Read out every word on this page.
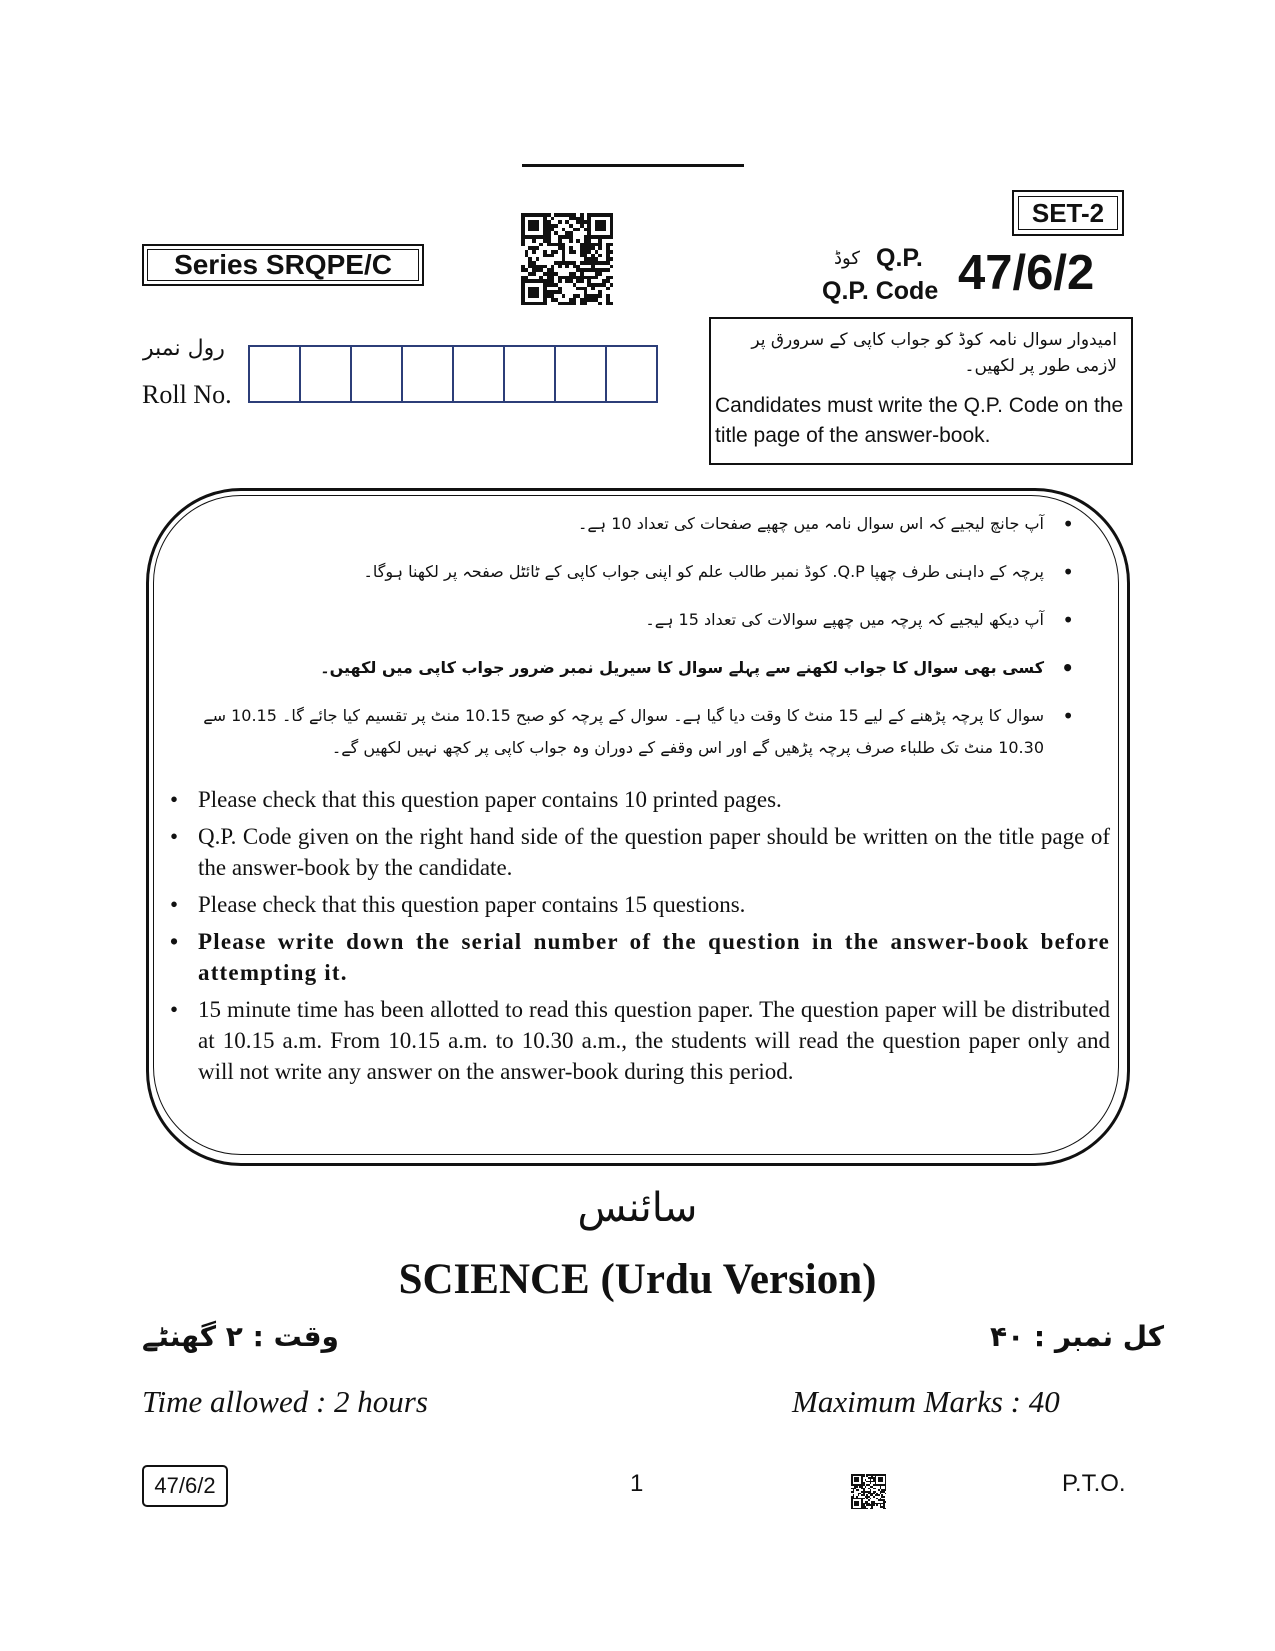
SET-2
Series SRQPE/C	کوڈ Q.P.
Q.P. Code 47/6/2
رول نمبر
Roll No.
امیدوار سوال نامہ کوڈ کو جواب کاپی کے سرورق پر لازمی طور پر لکھیں۔
Candidates must write the Q.P. Code on the title page of the answer-book.
• آپ جانچ لیجیے کہ اس سوال نامہ میں چھپے صفحات کی تعداد 10 ہے۔
• پرچہ کے داہنی طرف چھپا Q.P. کوڈ نمبر طالب علم کو اپنی جواب کاپی کے ٹائٹل صفحہ پر لکھنا ہوگا۔
• آپ دیکھ لیجیے کہ پرچہ میں چھپے سوالات کی تعداد 15 ہے۔
• کسی بھی سوال کا جواب لکھنے سے پہلے سوال کا سیریل نمبر ضرور جواب کاپی میں لکھیں۔
• سوال کا پرچہ پڑھنے کے لیے 15 منٹ کا وقت دیا گیا ہے۔ سوال کے پرچہ کو صبح 10.15 منٹ پر تقسیم کیا جائے گا۔ 10.15 سے 10.30 منٹ تک طلباء صرف پرچہ پڑھیں گے اور اس وقفے کے دوران وہ جواب کاپی پر کچھ نہیں لکھیں گے۔
• Please check that this question paper contains 10 printed pages.
• Q.P. Code given on the right hand side of the question paper should be written on the title page of the answer-book by the candidate.
• Please check that this question paper contains 15 questions.
• Please write down the serial number of the question in the answer-book before attempting it.
• 15 minute time has been allotted to read this question paper. The question paper will be distributed at 10.15 a.m. From 10.15 a.m. to 10.30 a.m., the students will read the question paper only and will not write any answer on the answer-book during this period.
سائنس
SCIENCE (Urdu Version)
وقت : ۲ گھنٹے	کل نمبر : ۴۰
Time allowed : 2 hours	Maximum Marks : 40
47/6/2	1	P.T.O.
